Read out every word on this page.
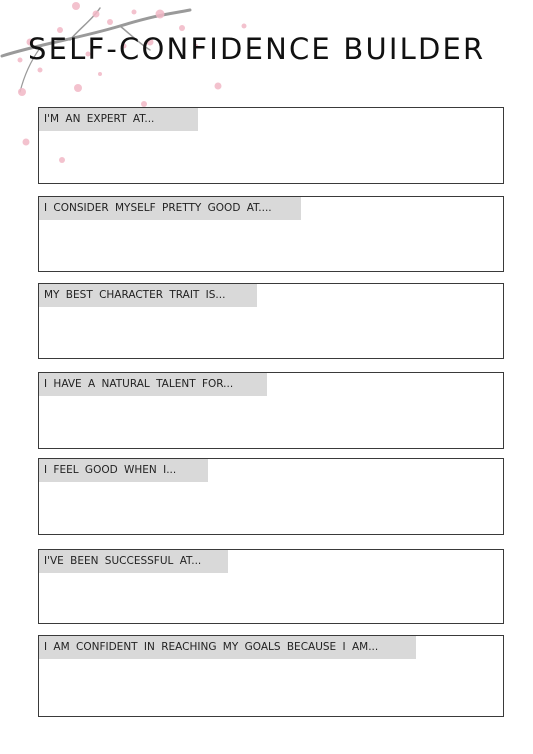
SELF-CONFIDENCE BUILDER
I'M AN EXPERT AT...
I CONSIDER MYSELF PRETTY GOOD AT....
MY BEST CHARACTER TRAIT IS...
I HAVE A NATURAL TALENT FOR...
I FEEL GOOD WHEN I...
I'VE BEEN SUCCESSFUL AT...
I AM CONFIDENT IN REACHING MY GOALS BECAUSE I AM...
